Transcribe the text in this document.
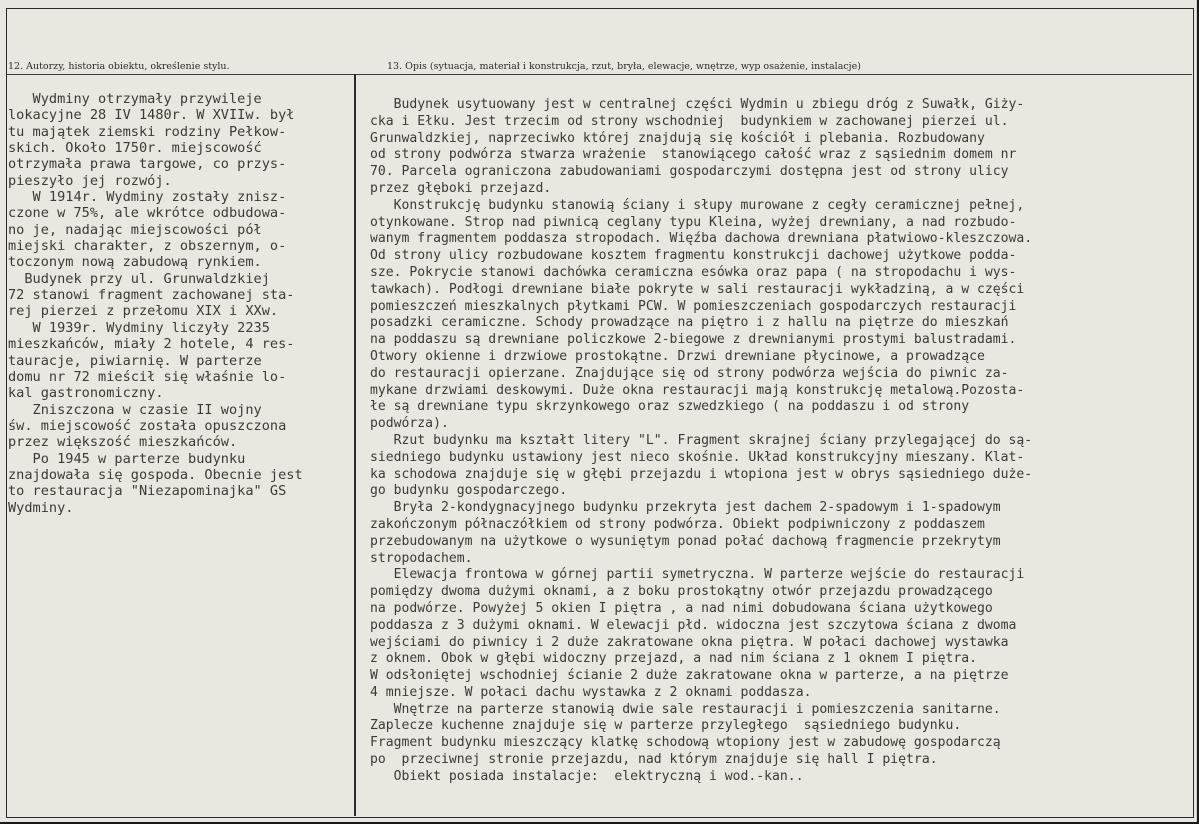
12. Autorzy, historia obiektu, określenie stylu.	13. Opis (sytuacja, materiał i konstrukcja, rzut, bryła, elewacje, wnętrze, wyp osażenie, instalacje)

Wydminy otrzymały przywileje

lokacyjne 28 IV 1480r. W XVIIw. był

tu majątek ziemski rodziny Pełkow-

skich. Około 1750r. miejscowość

otrzymała prawa targowe, co przys-

pieszyło jej rozwój.

W 1914r. Wydminy zostały znisz-

czone w 75%, ale wkrótce odbudowa-

no je, nadając miejscowości pół

miejski charakter, z obszernym, o-

toczonym nową zabudową rynkiem.

Budynek przy ul. Grunwaldzkiej

72 stanowi fragment zachowanej sta-

rej pierzei z przełomu XIX i XXw.

W 1939r. Wydminy liczyły 2235

mieszkańców, miały 2 hotele, 4 res-

tauracje, piwiarnię. W parterze

domu nr 72 mieścił się właśnie lo-

kal gastronomiczny.

Zniszczona w czasie II wojny

św. miejscowość została opuszczona

przez większość mieszkańców.

Po 1945 w parterze budynku

znajdowała się gospoda. Obecnie jest

to restauracja "Niezapominajka" GS

Wydminy.

Budynek usytuowany jest w centralnej części Wydmin u zbiegu dróg z Suwałk, Giży-

cka i Ełku. Jest trzecim od strony wschodniej  budynkiem w zachowanej pierzei ul.

Grunwaldzkiej, naprzeciwko której znajdują się kościół i plebania. Rozbudowany

od strony podwórza stwarza wrażenie  stanowiącego całość wraz z sąsiednim domem nr

70. Parcela ograniczona zabudowaniami gospodarczymi dostępna jest od strony ulicy

przez głęboki przejazd.

Konstrukcję budynku stanowią ściany i słupy murowane z cegły ceramicznej pełnej,

otynkowane. Strop nad piwnicą ceglany typu Kleina, wyżej drewniany, a nad rozbudo-

wanym fragmentem poddasza stropodach. Więźba dachowa drewniana płatwiowo-kleszczowa.

Od strony ulicy rozbudowane kosztem fragmentu konstrukcji dachowej użytkowe podda-

sze. Pokrycie stanowi dachówka ceramiczna esówka oraz papa ( na stropodachu i wys-

tawkach). Podłogi drewniane białe pokryte w sali restauracji wykładziną, a w części

pomieszczeń mieszkalnych płytkami PCW. W pomieszczeniach gospodarczych restauracji

posadzki ceramiczne. Schody prowadzące na piętro i z hallu na piętrze do mieszkań

na poddaszu są drewniane policzkowe 2-biegowe z drewnianymi prostymi balustradami.

Otwory okienne i drzwiowe prostokątne. Drzwi drewniane płycinowe, a prowadzące

do restauracji opierzane. Znajdujące się od strony podwórza wejścia do piwnic za-

mykane drzwiami deskowymi. Duże okna restauracji mają konstrukcję metalową.Pozosta-

łe są drewniane typu skrzynkowego oraz szwedzkiego ( na poddaszu i od strony

podwórza).

Rzut budynku ma kształt litery "L". Fragment skrajnej ściany przylegającej do są-

siedniego budynku ustawiony jest nieco skośnie. Układ konstrukcyjny mieszany. Klat-

ka schodowa znajduje się w głębi przejazdu i wtopiona jest w obrys sąsiedniego duże-

go budynku gospodarczego.

Bryła 2-kondygnacyjnego budynku przekryta jest dachem 2-spadowym i 1-spadowym

zakończonym półnaczółkiem od strony podwórza. Obiekt podpiwniczony z poddaszem

przebudowanym na użytkowe o wysuniętym ponad połać dachową fragmencie przekrytym

stropodachem.

Elewacja frontowa w górnej partii symetryczna. W parterze wejście do restauracji

pomiędzy dwoma dużymi oknami, a z boku prostokątny otwór przejazdu prowadzącego

na podwórze. Powyżej 5 okien I piętra , a nad nimi dobudowana ściana użytkowego

poddasza z 3 dużymi oknami. W elewacji płd. widoczna jest szczytowa ściana z dwoma

wejściami do piwnicy i 2 duże zakratowane okna piętra. W połaci dachowej wystawka

z oknem. Obok w głębi widoczny przejazd, a nad nim ściana z 1 oknem I piętra.

W odsłoniętej wschodniej ścianie 2 duże zakratowane okna w parterze, a na piętrze

4 mniejsze. W połaci dachu wystawka z 2 oknami poddasza.

Wnętrze na parterze stanowią dwie sale restauracji i pomieszczenia sanitarne.

Zaplecze kuchenne znajduje się w parterze przyległego  sąsiedniego budynku.

Fragment budynku mieszczący klatkę schodową wtopiony jest w zabudowę gospodarczą

po  przeciwnej stronie przejazdu, nad którym znajduje się hall I piętra.

Obiekt posiada instalacje:  elektryczną i wod.-kan..
